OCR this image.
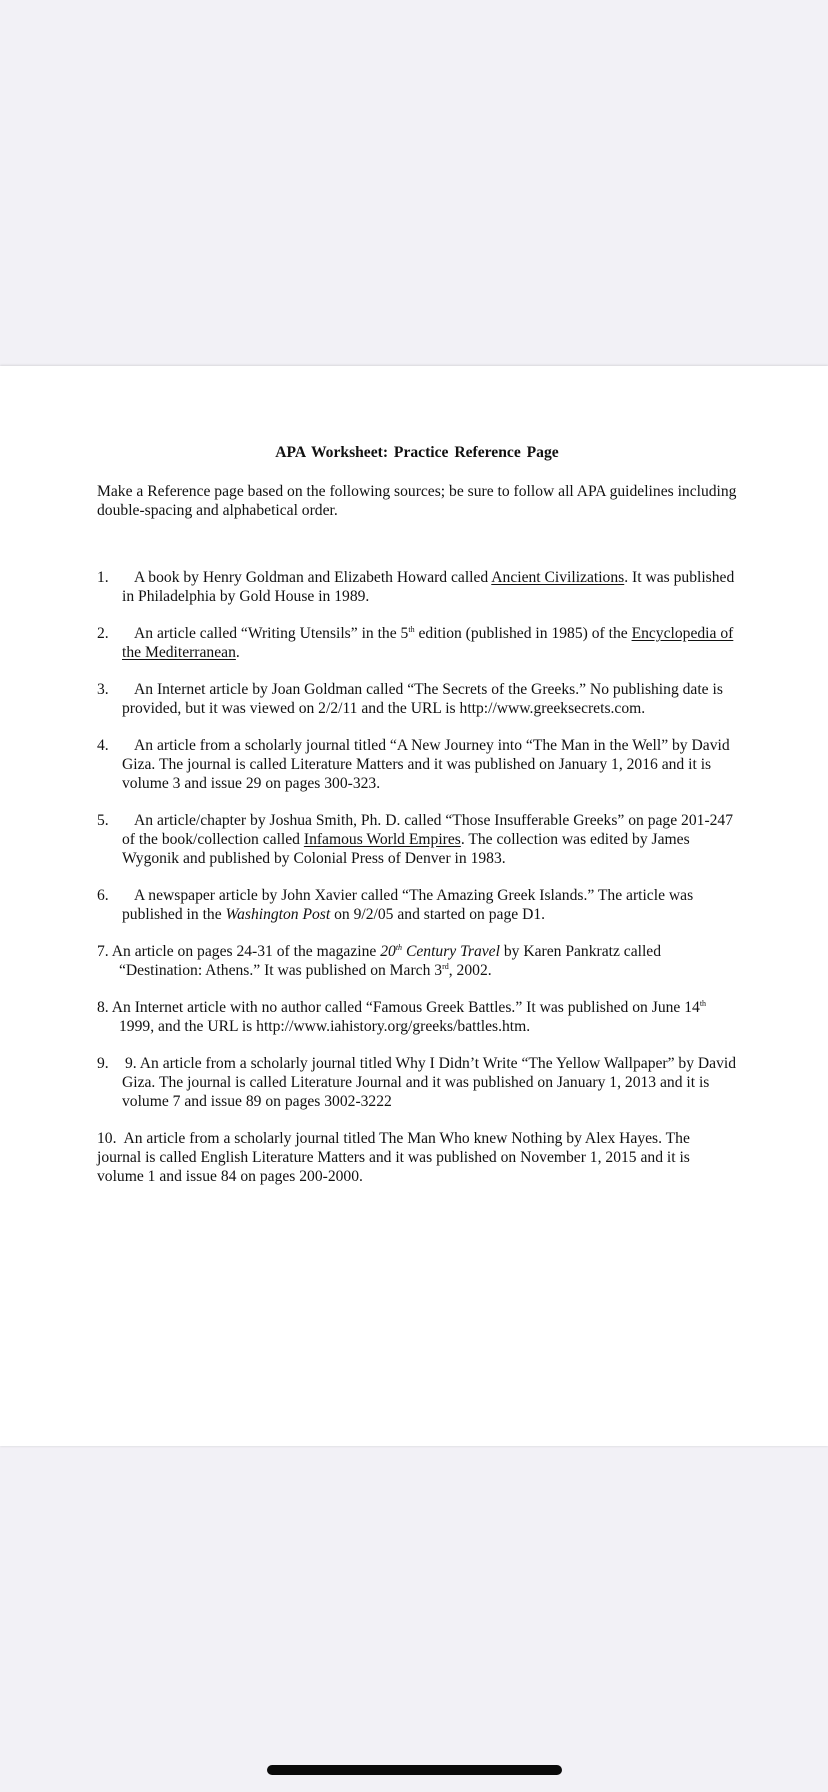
APA Worksheet: Practice Reference Page
Make a Reference page based on the following sources; be sure to follow all APA guidelines including double-spacing and alphabetical order.
1. A book by Henry Goldman and Elizabeth Howard called Ancient Civilizations. It was published in Philadelphia by Gold House in 1989.
2. An article called “Writing Utensils” in the 5th edition (published in 1985) of the Encyclopedia of the Mediterranean.
3. An Internet article by Joan Goldman called “The Secrets of the Greeks.” No publishing date is provided, but it was viewed on 2/2/11 and the URL is http://www.greeksecrets.com.
4. An article from a scholarly journal titled “A New Journey into “The Man in the Well” by David Giza. The journal is called Literature Matters and it was published on January 1, 2016 and it is volume 3 and issue 29 on pages 300-323.
5. An article/chapter by Joshua Smith, Ph. D. called “Those Insufferable Greeks” on page 201-247 of the book/collection called Infamous World Empires. The collection was edited by James Wygonik and published by Colonial Press of Denver in 1983.
6. A newspaper article by John Xavier called “The Amazing Greek Islands.” The article was published in the Washington Post on 9/2/05 and started on page D1.
7. An article on pages 24-31 of the magazine 20th Century Travel by Karen Pankratz called “Destination: Athens.” It was published on March 3rd, 2002.
8. An Internet article with no author called “Famous Greek Battles.” It was published on June 14th 1999, and the URL is http://www.iahistory.org/greeks/battles.htm.
9. 9. An article from a scholarly journal titled Why I Didn’t Write “The Yellow Wallpaper” by David Giza. The journal is called Literature Journal and it was published on January 1, 2013 and it is volume 7 and issue 89 on pages 3002-3222
10. An article from a scholarly journal titled The Man Who knew Nothing by Alex Hayes. The journal is called English Literature Matters and it was published on November 1, 2015 and it is volume 1 and issue 84 on pages 200-2000.
